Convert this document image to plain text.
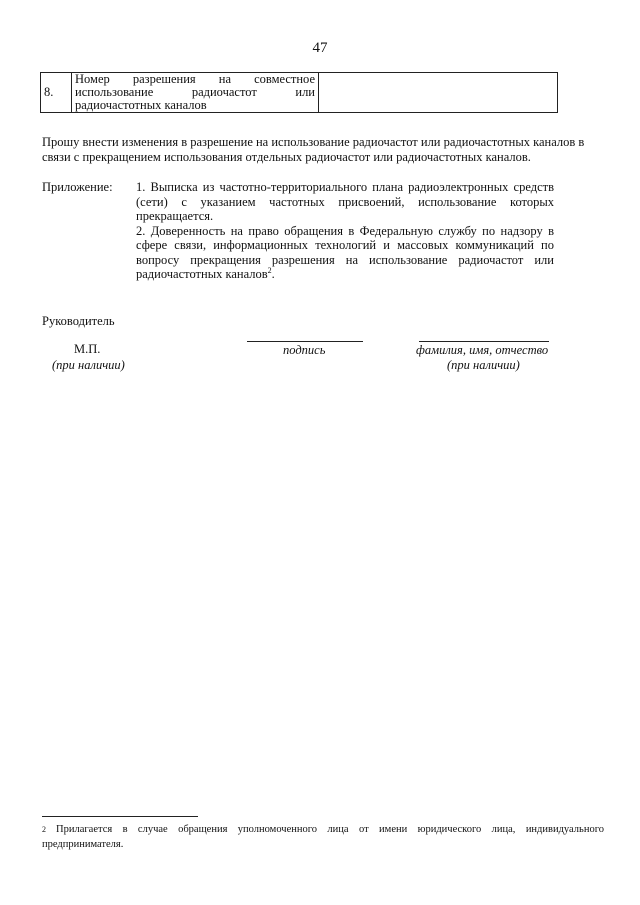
47
8.	Номер разрешения на совместное использование радиочастот или
радиочастотных каналов

Прошу внести изменения в разрешение на использование радиочастот или радиочастотных каналов в связи с прекращением использования отдельных радиочастот или радиочастотных каналов.
Приложение: 1. Выписка из частотно-территориального плана радиоэлектронных средств (сети) с указанием частотных присвоений, использование которых прекращается.

2. Доверенность на право обращения в Федеральную службу по надзору в сфере связи, информационных технологий и массовых коммуникаций по вопросу прекращения разрешения на использование радиочастот или радиочастотных каналов$^2$.

Руководитель
М.П.
(при наличии)
подпись	фамилия, имя, отчество
(при наличии)
$^2$ Прилагается в случае обращения уполномоченного лица от имени юридического лица, индивидуального предпринимателя.
